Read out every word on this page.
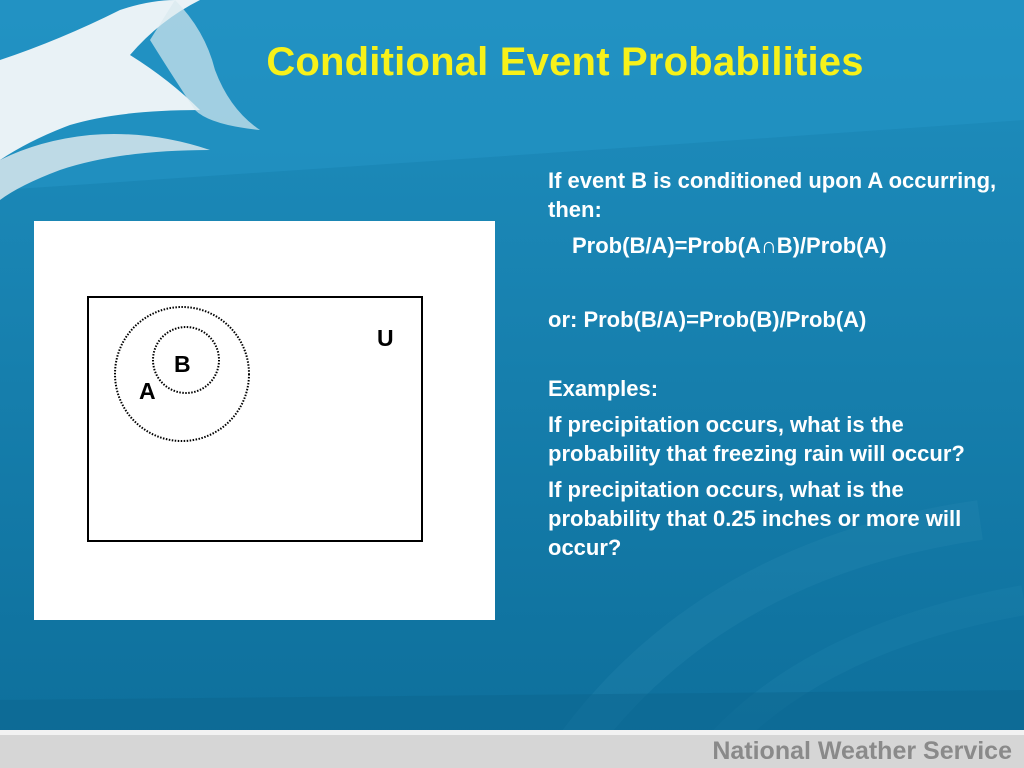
Conditional Event Probabilities
U
A
B

If event B is conditioned upon A occurring, then:

Prob(B/A)=Prob(A∩B)/Prob(A)

or: Prob(B/A)=Prob(B)/Prob(A)

Examples:

If precipitation occurs, what is the probability that freezing rain will occur?

If precipitation occurs, what is the probability that 0.25 inches or more will occur?

National Weather Service
